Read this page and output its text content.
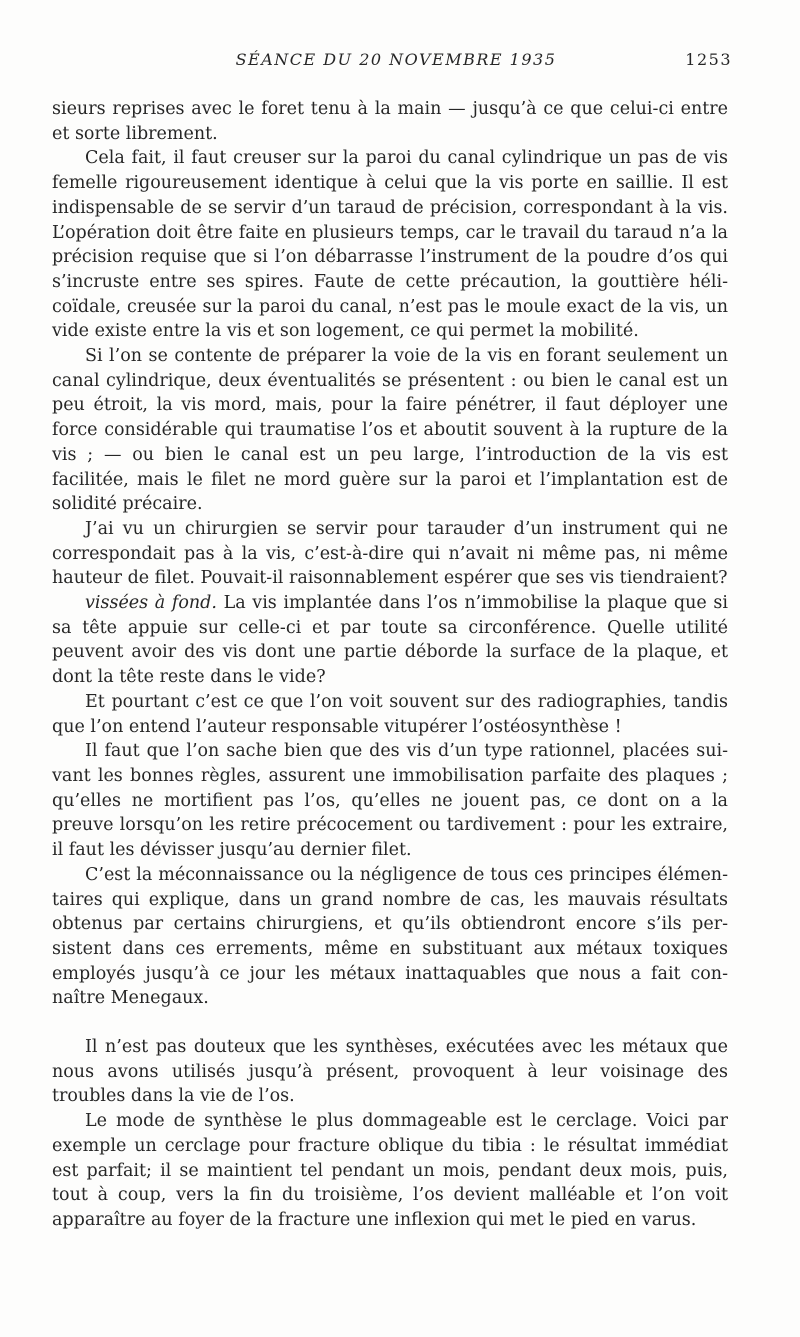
SÉANCE DU 20 NOVEMBRE 1935	1253

sieurs reprises avec le foret tenu à la main — jusqu’à ce que celui-ci entre et sorte librement.

Cela fait, il faut creuser sur la paroi du canal cylindrique un pas de vis femelle rigoureusement identique à celui que la vis porte en saillie. Il est indispensable de se servir d’un taraud de précision, correspondant à la vis. L’opération doit être faite en plusieurs temps, car le travail du taraud n’a la précision requise que si l’on débarrasse l’instrument de la poudre d’os qui s’incruste entre ses spires. Faute de cette précaution, la gouttière héli-coïdale, creusée sur la paroi du canal, n’est pas le moule exact de la vis, un vide existe entre la vis et son logement, ce qui permet la mobilité.

Si l’on se contente de préparer la voie de la vis en forant seulement un canal cylindrique, deux éventualités se présentent : ou bien le canal est un peu étroit, la vis mord, mais, pour la faire pénétrer, il faut déployer une force considérable qui traumatise l’os et aboutit souvent à la rupture de la vis ; — ou bien le canal est un peu large, l’introduction de la vis est facilitée, mais le filet ne mord guère sur la paroi et l’implantation est de solidité précaire.

J’ai vu un chirurgien se servir pour tarauder d’un instrument qui ne correspondait pas à la vis, c’est-à-dire qui n’avait ni même pas, ni même hauteur de filet. Pouvait-il raisonnablement espérer que ses vis tiendraient?

vissées à fond. La vis implantée dans l’os n’immobilise la plaque que si sa tête appuie sur celle-ci et par toute sa circonférence. Quelle utilité peuvent avoir des vis dont une partie déborde la surface de la plaque, et dont la tête reste dans le vide?

Et pourtant c’est ce que l’on voit souvent sur des radiographies, tandis que l’on entend l’auteur responsable vitupérer l’ostéosynthèse !

Il faut que l’on sache bien que des vis d’un type rationnel, placées sui-vant les bonnes règles, assurent une immobilisation parfaite des plaques ; qu’elles ne mortifient pas l’os, qu’elles ne jouent pas, ce dont on a la preuve lorsqu’on les retire précocement ou tardivement : pour les extraire, il faut les dévisser jusqu’au dernier filet.

C’est la méconnaissance ou la négligence de tous ces principes élémen-taires qui explique, dans un grand nombre de cas, les mauvais résultats obtenus par certains chirurgiens, et qu’ils obtiendront encore s’ils per-sistent dans ces errements, même en substituant aux métaux toxiques employés jusqu’à ce jour les métaux inattaquables que nous a fait con-naître Menegaux.

Il n’est pas douteux que les synthèses, exécutées avec les métaux que nous avons utilisés jusqu’à présent, provoquent à leur voisinage des troubles dans la vie de l’os.

Le mode de synthèse le plus dommageable est le cerclage. Voici par exemple un cerclage pour fracture oblique du tibia : le résultat immédiat est parfait; il se maintient tel pendant un mois, pendant deux mois, puis, tout à coup, vers la fin du troisième, l’os devient malléable et l’on voit apparaître au foyer de la fracture une inflexion qui met le pied en varus.
